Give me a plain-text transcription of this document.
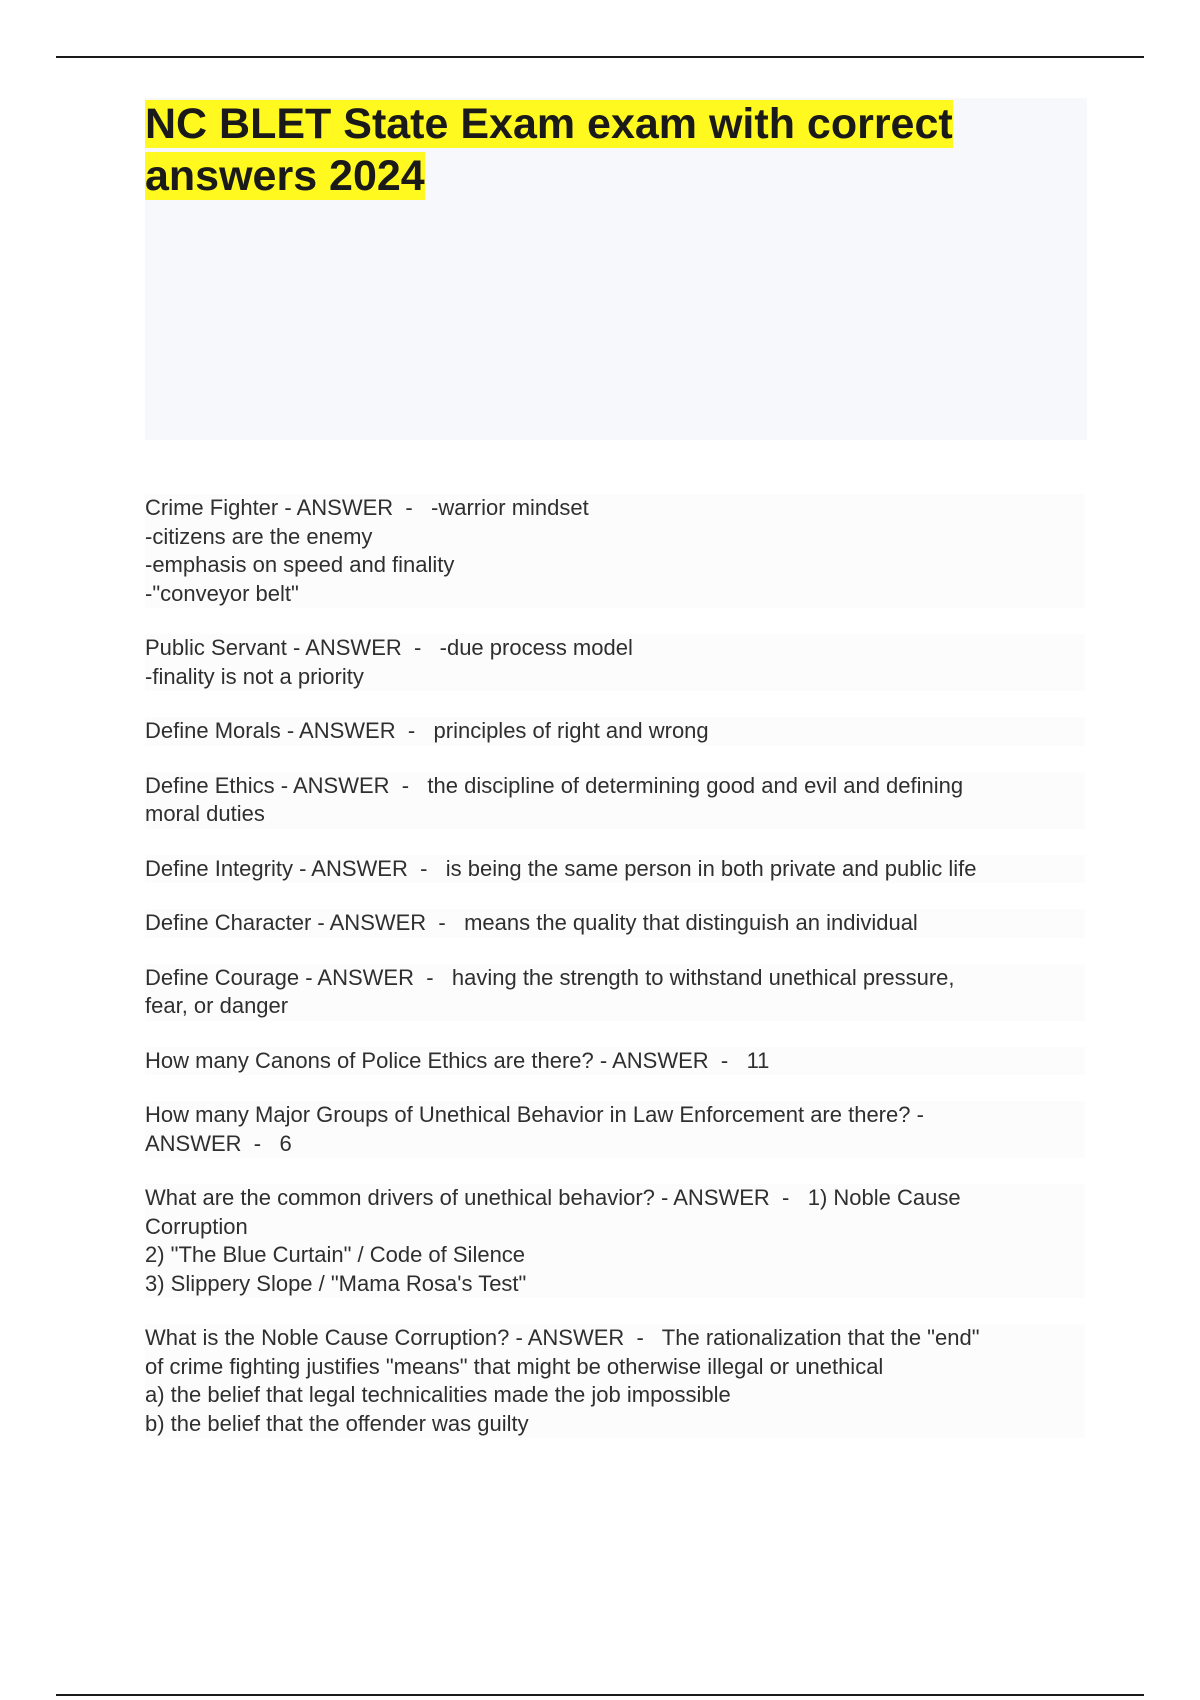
NC BLET State Exam exam with correct answers 2024

Crime Fighter - ANSWER  -   -warrior mindset
-citizens are the enemy
-emphasis on speed and finality
-"conveyor belt"

Public Servant - ANSWER  -   -due process model
-finality is not a priority

Define Morals - ANSWER  -   principles of right and wrong

Define Ethics - ANSWER  -   the discipline of determining good and evil and defining
moral duties

Define Integrity - ANSWER  -   is being the same person in both private and public life

Define Character - ANSWER  -   means the quality that distinguish an individual

Define Courage - ANSWER  -   having the strength to withstand unethical pressure,
fear, or danger

How many Canons of Police Ethics are there? - ANSWER  -   11

How many Major Groups of Unethical Behavior in Law Enforcement are there? -
ANSWER  -   6

What are the common drivers of unethical behavior? - ANSWER  -   1) Noble Cause
Corruption
2) "The Blue Curtain" / Code of Silence
3) Slippery Slope / "Mama Rosa's Test"

What is the Noble Cause Corruption? - ANSWER  -   The rationalization that the "end"
of crime fighting justifies "means" that might be otherwise illegal or unethical
a) the belief that legal technicalities made the job impossible
b) the belief that the offender was guilty
